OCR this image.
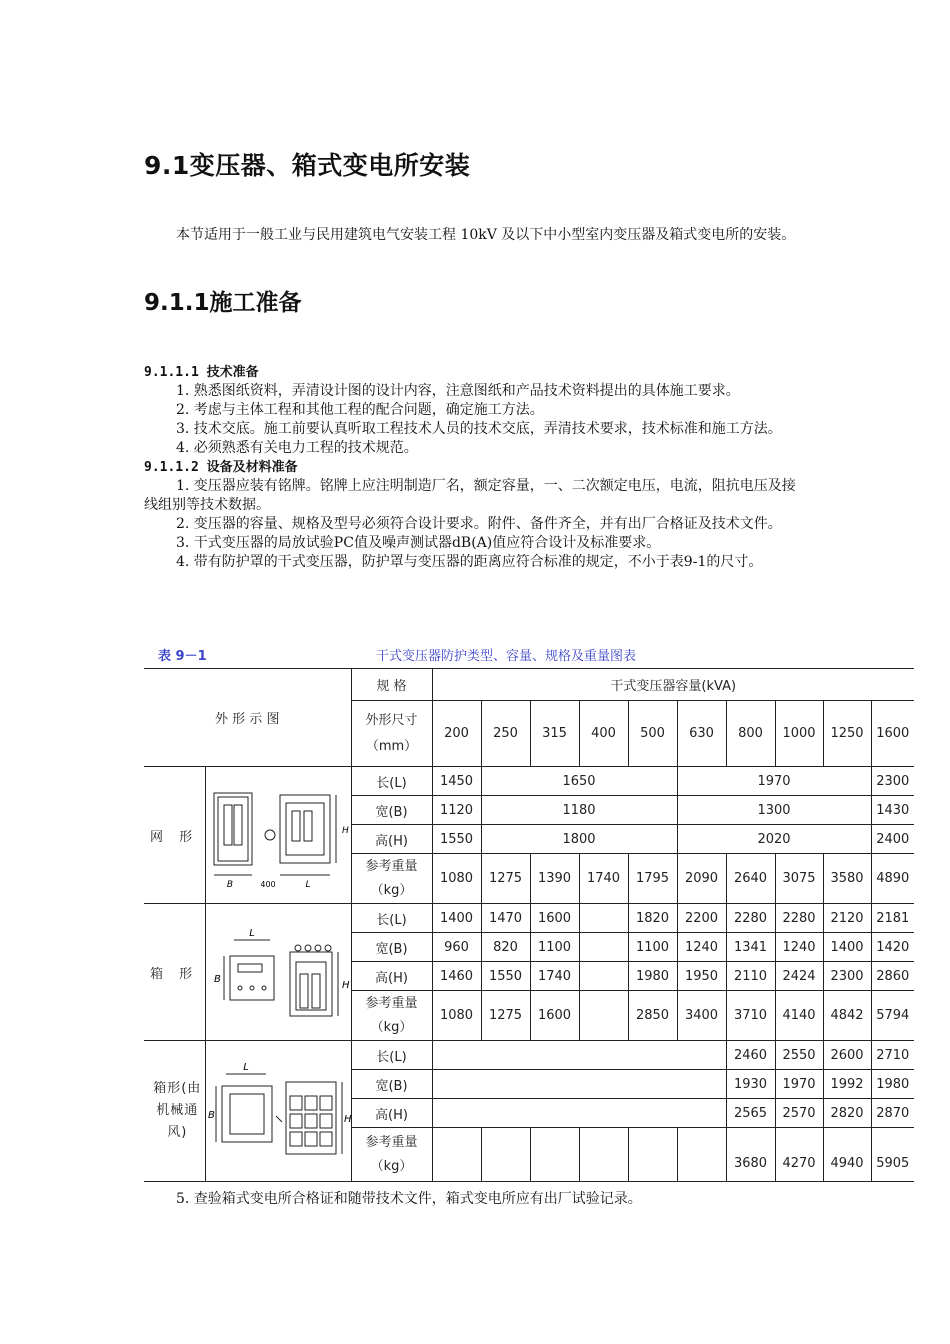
9.1变压器、箱式变电所安装
本节适用于一般工业与民用建筑电气安装工程 10kV 及以下中小型室内变压器及箱式变电所的安装。
9.1.1施工准备
9.1.1.1 技术准备
1. 熟悉图纸资料，弄清设计图的设计内容，注意图纸和产品技术资料提出的具体施工要求。
2. 考虑与主体工程和其他工程的配合问题，确定施工方法。
3. 技术交底。施工前要认真听取工程技术人员的技术交底，弄清技术要求，技术标准和施工方法。
4. 必须熟悉有关电力工程的技术规范。
9.1.1.2 设备及材料准备
1. 变压器应装有铭牌。铭牌上应注明制造厂名，额定容量，一、二次额定电压，电流，阻抗电压及接线组别等技术数据。
2. 变压器的容量、规格及型号必须符合设计要求。附件、备件齐全，并有出厂合格证及技术文件。
3. 干式变压器的局放试验PC值及噪声测试器dB(A)值应符合设计及标准要求。
4. 带有防护罩的干式变压器，防护罩与变压器的距离应符合标准的规定，不小于表9-1的尺寸。
表 9－1	干式变压器防护类型、容量、规格及重量图表
外 形 示 图		规 格	干式变压器容量(kVA)									
		外形尺寸（mm）	200	250	315	400	500	630	800	1000	1250	1600
网 形	B 400 L
H	长(L)	1450	1650				1970				2300
		宽(B)	1120	1180				1300				1430
		高(H)	1550	1800				2020				2400
		参考重量（kg）	1080	1275	1390	1740	1795	2090	2640	3075	3580	4890
箱 形	L
B
H	长(L)	1400	1470	1600		1820	2200	2280	2280	2120	2181
		宽(B)	960	820	1100		1100	1240	1341	1240	1400	1420
		高(H)	1460	1550	1740		1980	1950	2110	2424	2300	2860
		参考重量（kg）	1080	1275	1600		2850	3400	3710	4140	4842	5794
箱形(由机械通风)	L
B H	长(L)							2460	2550	2600	2710
		宽(B)							1930	1970	1992	1980
		高(H)							2565	2570	2820	2870
		参考重量（kg）							3680	4270	4940	5905
5. 查验箱式变电所合格证和随带技术文件，箱式变电所应有出厂试验记录。
